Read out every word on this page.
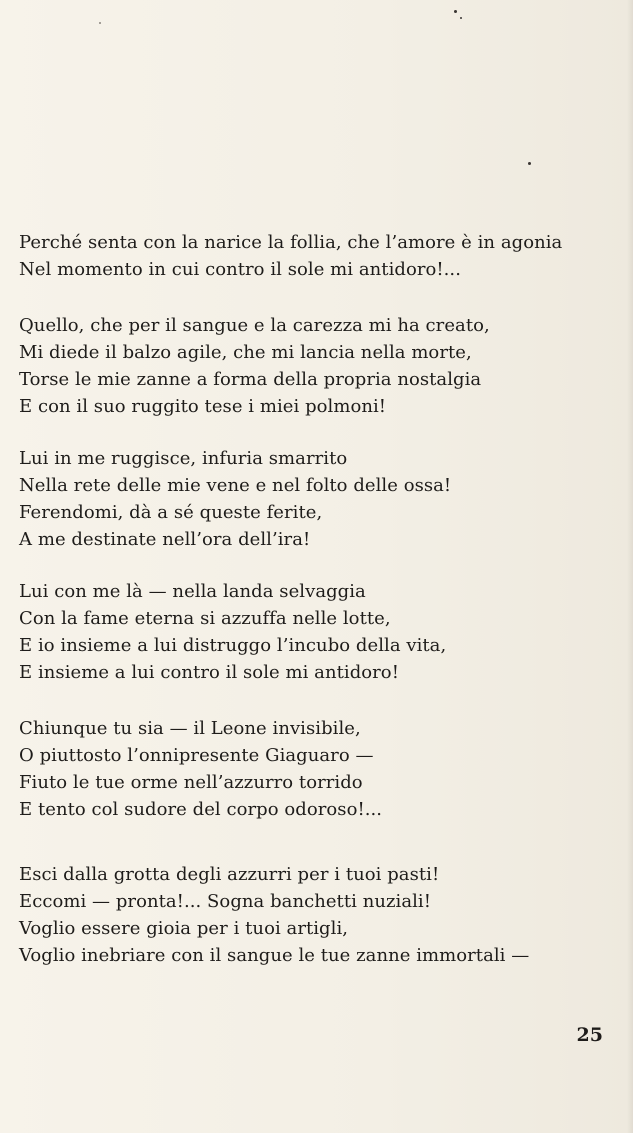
Perché senta con la narice la follia, che l’amore è in agonia
Nel momento in cui contro il sole mi antidoro!...
Quello, che per il sangue e la carezza mi ha creato,
Mi diede il balzo agile, che mi lancia nella morte,
Torse le mie zanne a forma della propria nostalgia
E con il suo ruggito tese i miei polmoni!
Lui in me ruggisce, infuria smarrito
Nella rete delle mie vene e nel folto delle ossa!
Ferendomi, dà a sé queste ferite,
A me destinate nell’ora dell’ira!
Lui con me là — nella landa selvaggia
Con la fame eterna si azzuffa nelle lotte,
E io insieme a lui distruggo l’incubo della vita,
E insieme a lui contro il sole mi antidoro!
Chiunque tu sia — il Leone invisibile,
O piuttosto l’onnipresente Giaguaro —
Fiuto le tue orme nell’azzurro torrido
E tento col sudore del corpo odoroso!...
Esci dalla grotta degli azzurri per i tuoi pasti!
Eccomi — pronta!... Sogna banchetti nuziali!
Voglio essere gioia per i tuoi artigli,
Voglio inebriare con il sangue le tue zanne immortali —
25
